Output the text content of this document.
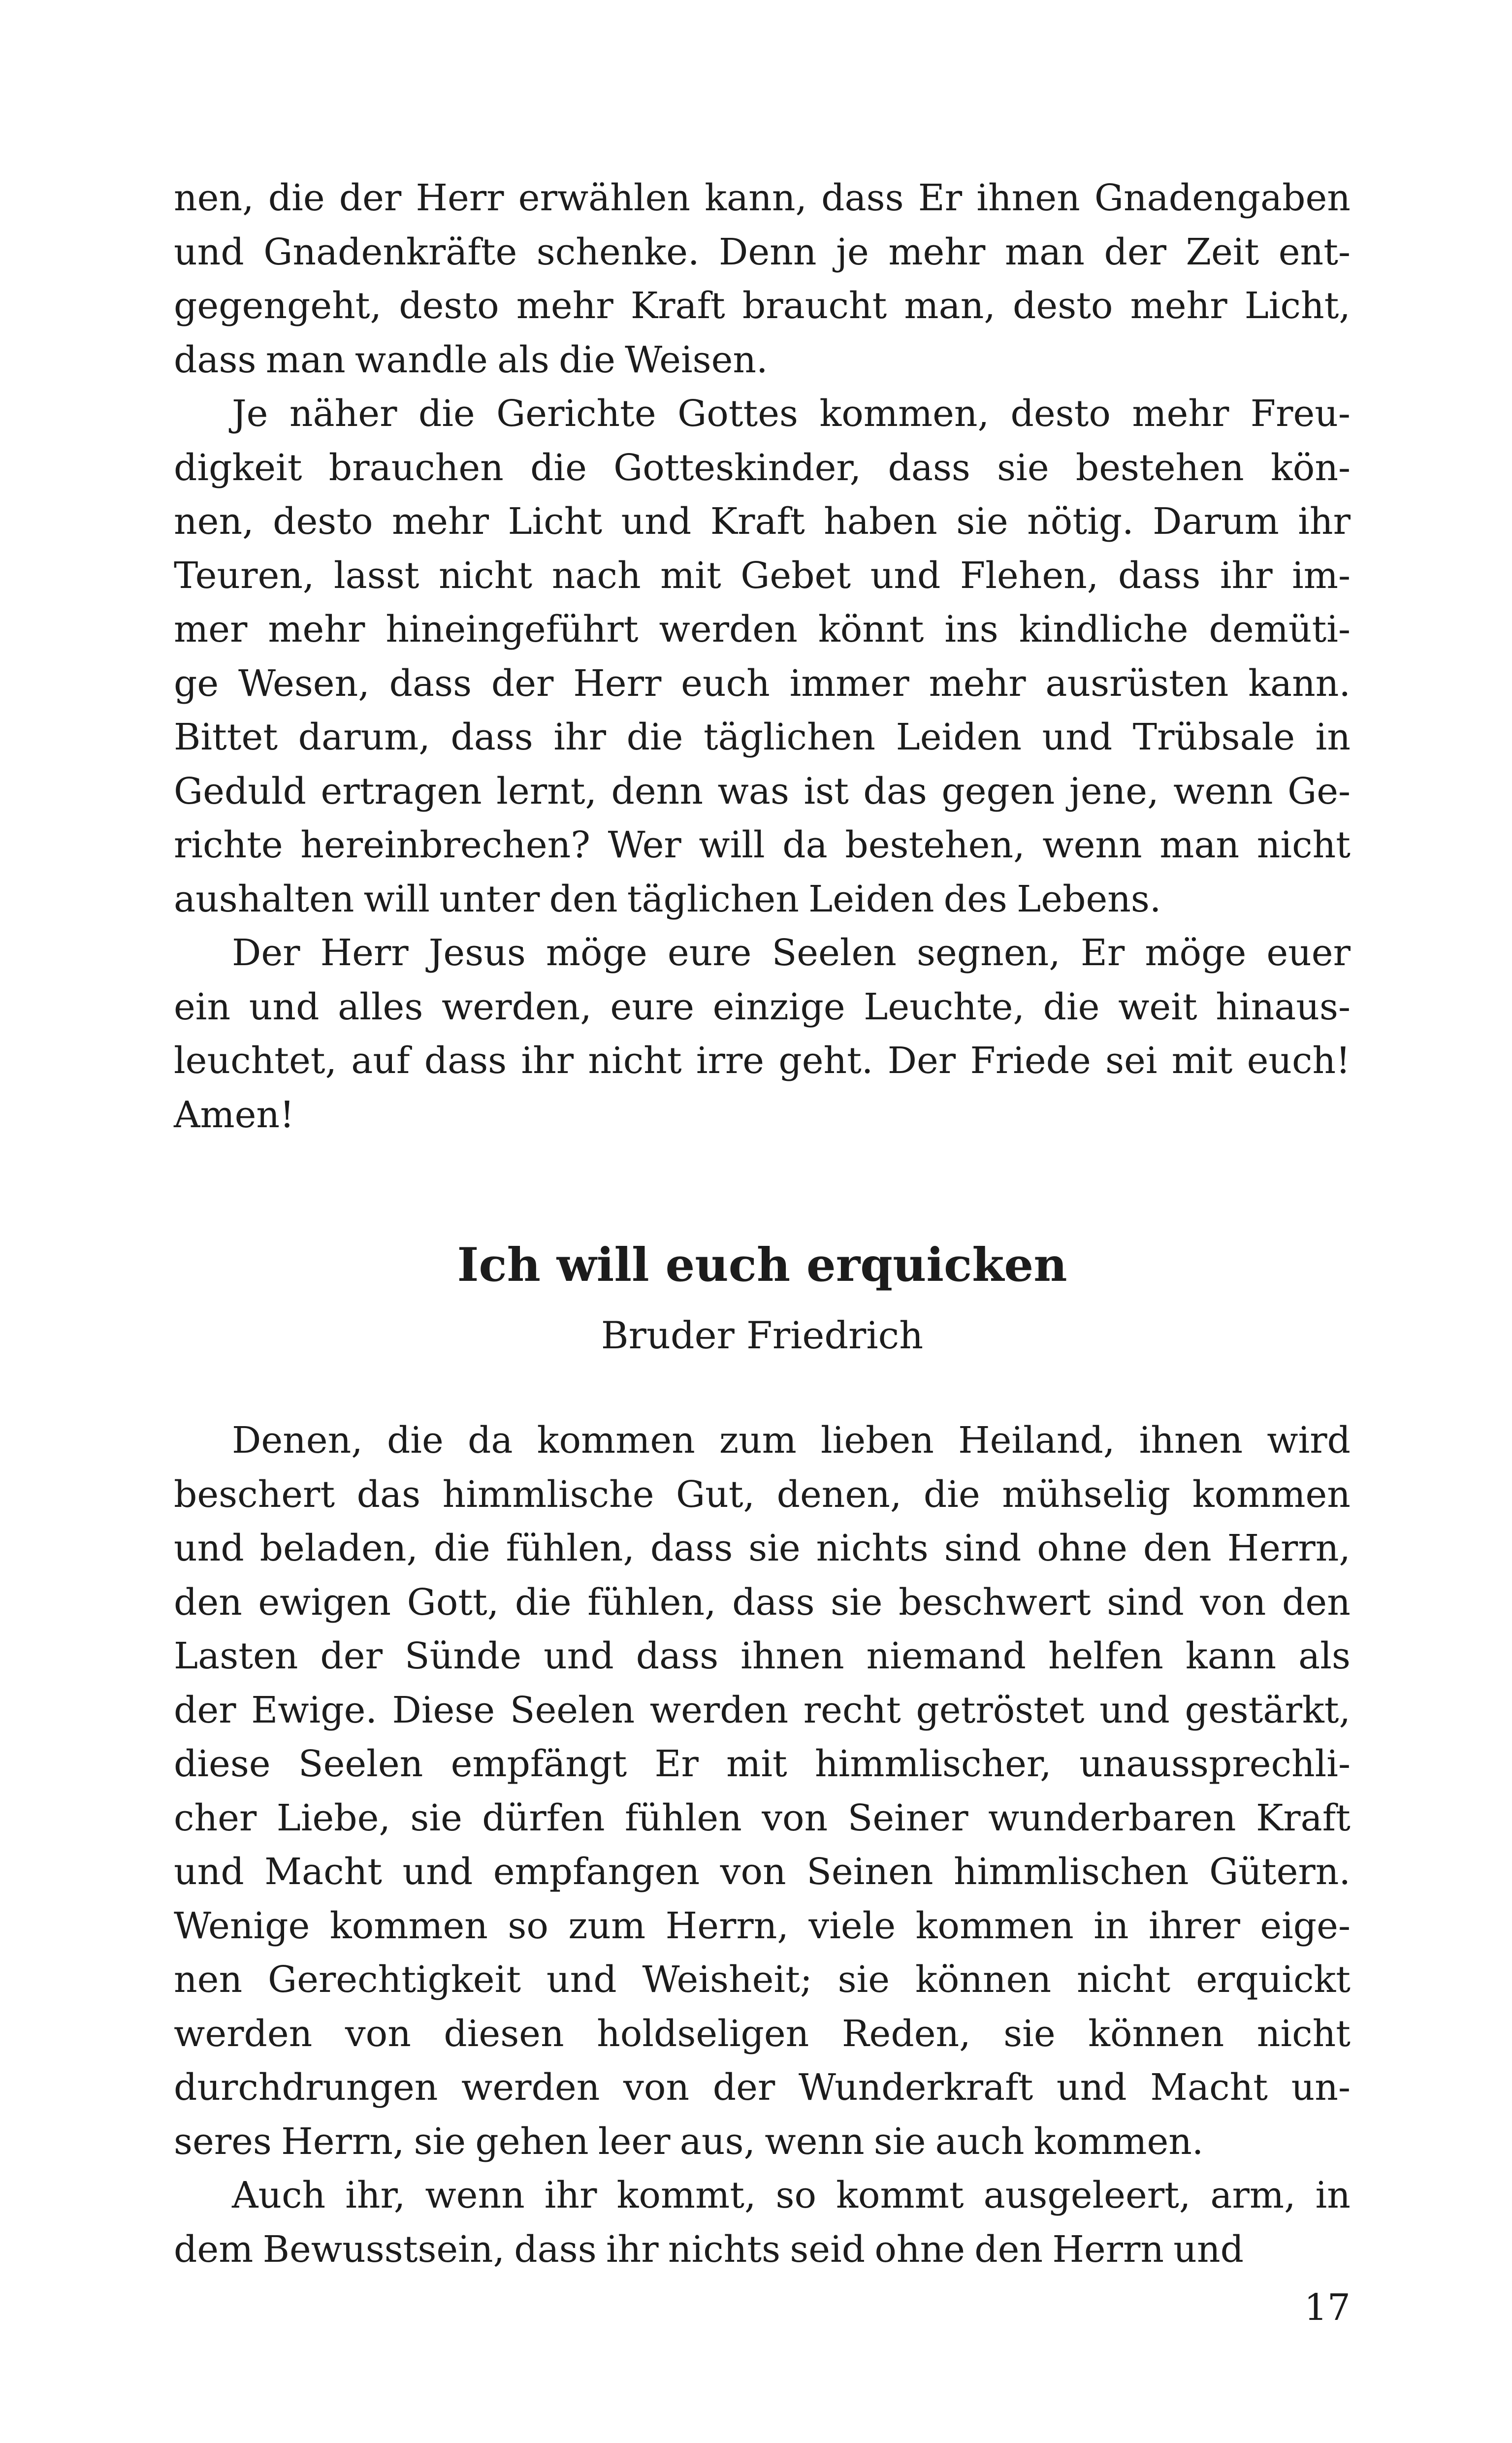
nen, die der Herr erwählen kann, dass Er ihnen Gnadengaben
und Gnadenkräfte schenke. Denn je mehr man der Zeit ent-
gegengeht, desto mehr Kraft braucht man, desto mehr Licht,
dass man wandle als die Weisen.
Je näher die Gerichte Gottes kommen, desto mehr Freu-
digkeit brauchen die Gotteskinder, dass sie bestehen kön-
nen, desto mehr Licht und Kraft haben sie nötig. Darum ihr
Teuren, lasst nicht nach mit Gebet und Flehen, dass ihr im-
mer mehr hineingeführt werden könnt ins kindliche demüti-
ge Wesen, dass der Herr euch immer mehr ausrüsten kann.
Bittet darum, dass ihr die täglichen Leiden und Trübsale in
Geduld ertragen lernt, denn was ist das gegen jene, wenn Ge-
richte hereinbrechen? Wer will da bestehen, wenn man nicht
aushalten will unter den täglichen Leiden des Lebens.
Der Herr Jesus möge eure Seelen segnen, Er möge euer
ein und alles werden, eure einzige Leuchte, die weit hinaus-
leuchtet, auf dass ihr nicht irre geht. Der Friede sei mit euch!
Amen!
Ich will euch erquicken
Bruder Friedrich
Denen, die da kommen zum lieben Heiland, ihnen wird
beschert das himmlische Gut, denen, die mühselig kommen
und beladen, die fühlen, dass sie nichts sind ohne den Herrn,
den ewigen Gott, die fühlen, dass sie beschwert sind von den
Lasten der Sünde und dass ihnen niemand helfen kann als
der Ewige. Diese Seelen werden recht getröstet und gestärkt,
diese Seelen empfängt Er mit himmlischer, unaussprechli-
cher Liebe, sie dürfen fühlen von Seiner wunderbaren Kraft
und Macht und empfangen von Seinen himmlischen Gütern.
Wenige kommen so zum Herrn, viele kommen in ihrer eige-
nen Gerechtigkeit und Weisheit; sie können nicht erquickt
werden von diesen holdseligen Reden, sie können nicht
durchdrungen werden von der Wunderkraft und Macht un-
seres Herrn, sie gehen leer aus, wenn sie auch kommen.
Auch ihr, wenn ihr kommt, so kommt ausgeleert, arm, in
dem Bewusstsein, dass ihr nichts seid ohne den Herrn und
17
